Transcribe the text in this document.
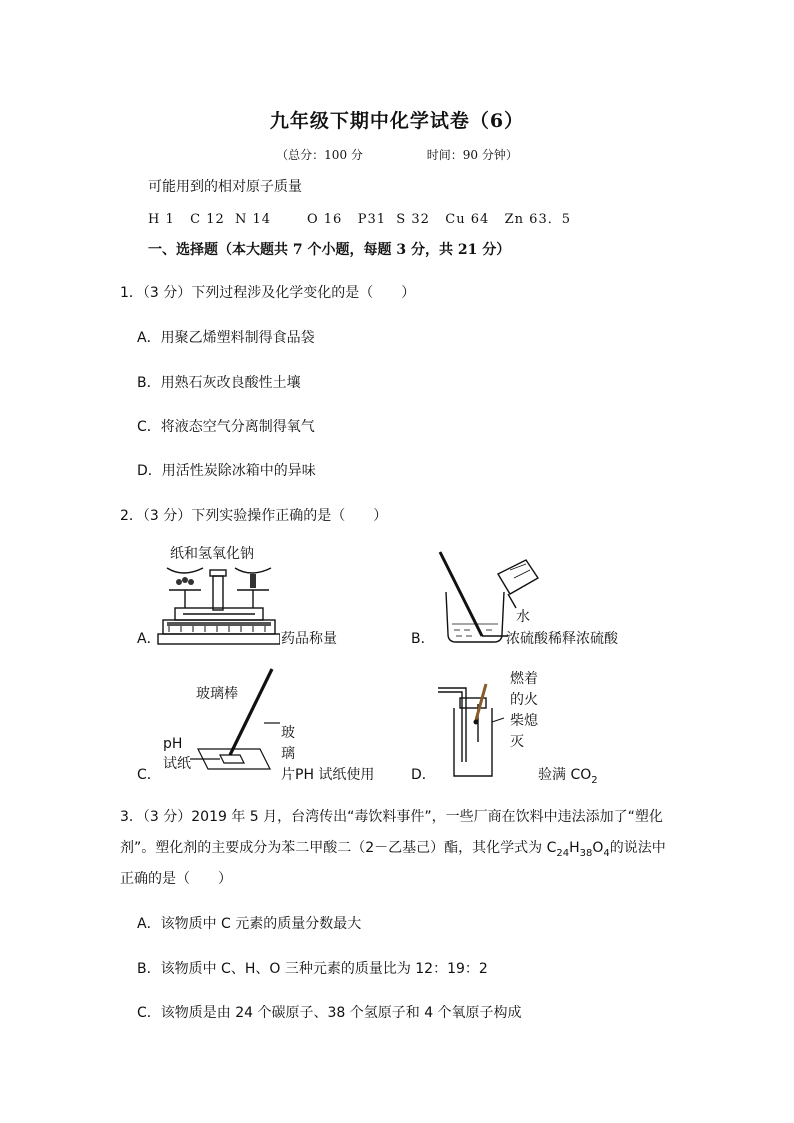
九年级下期中化学试卷（6）
（总分：100 分	时间：90 分钟）
可能用到的相对原子质量
H 1   C 12  N 14       O 16   P31  S 32   Cu 64   Zn 63．5
一、选择题（本大题共 7 个小题，每题 3 分，共 21 分）
1．（3 分）下列过程涉及化学变化的是（　　）
A．用聚乙烯塑料制得食品袋
B．用熟石灰改良酸性土壤
C．将液态空气分离制得氧气
D．用活性炭除冰箱中的异味
2．（3 分）下列实验操作正确的是（　　）
A．
纸和氢氧化钠
药品称量	B．
水
浓硫酸稀释浓硫酸
C．
玻璃棒
玻
璃
片PH 试纸使用
pH
试纸
D．
燃着
的火
柴熄
灭
验满 $CO_2$
3．（3 分）2019 年 5 月，台湾传出“毒饮料事件”，一些厂商在饮料中违法添加了“塑化
剂”。塑化剂的主要成分为苯二甲酸二（2－乙基己）酯，其化学式为 $C_{24}H_{38}O_4$的说法中
正确的是（　　）
A．该物质中 C 元素的质量分数最大
B．该物质中 C、H、O 三种元素的质量比为 12：19：2
C．该物质是由 24 个碳原子、38 个氢原子和 4 个氧原子构成
